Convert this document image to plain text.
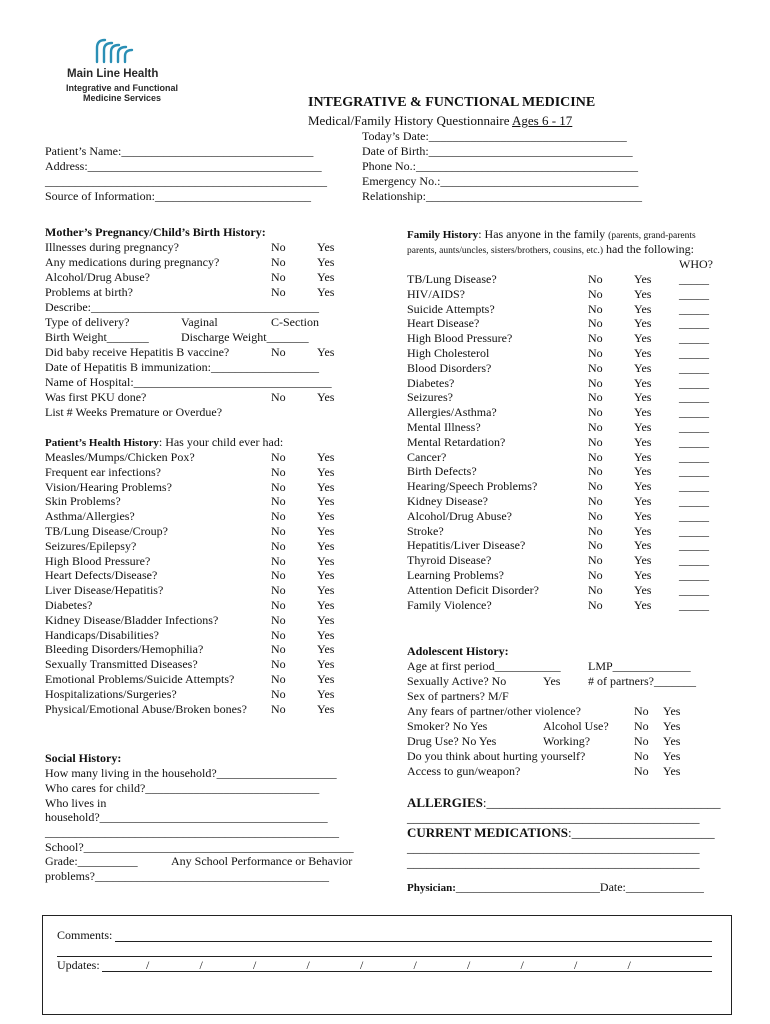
Main Line Health
Integrative and Functional
Medicine Services	INTEGRATIVE & FUNCTIONAL MEDICINE
Medical/Family History Questionnaire Ages 6 - 17
Patient’s Name:________________________________
Address:_______________________________________
_______________________________________________
Source of Information:__________________________
Today’s Date:_________________________________
Date of Birth:__________________________________
Phone No.:_____________________________________
Emergency No.:_________________________________
Relationship:____________________________________
Mother’s Pregnancy/Child’s Birth History:
Illnesses during pregnancy?	No	Yes
Any medications during pregnancy?	No	Yes
Alcohol/Drug Abuse?	No	Yes
Problems at birth?	No	Yes
Describe:______________________________________
Type of delivery?	Vaginal	C-Section
Birth Weight_______	Discharge Weight_______
Did baby receive Hepatitis B vaccine?	No	Yes
Date of Hepatitis B immunization:__________________
Name of Hospital:_________________________________
Was first PKU done?	No	Yes
List # Weeks Premature or Overdue?
Patient’s Health History: Has your child ever had:
Measles/Mumps/Chicken Pox?	No	Yes
Frequent ear infections?	No	Yes
Vision/Hearing Problems?	No	Yes
Skin Problems?	No	Yes
Asthma/Allergies?	No	Yes
TB/Lung Disease/Croup?	No	Yes
Seizures/Epilepsy?	No	Yes
High Blood Pressure?	No	Yes
Heart Defects/Disease?	No	Yes
Liver Disease/Hepatitis?	No	Yes
Diabetes?	No	Yes
Kidney Disease/Bladder Infections?	No	Yes
Handicaps/Disabilities?	No	Yes
Bleeding Disorders/Hemophilia?	No	Yes
Sexually Transmitted Diseases?	No	Yes
Emotional Problems/Suicide Attempts?	No	Yes
Hospitalizations/Surgeries?	No	Yes
Physical/Emotional Abuse/Broken bones? No	Yes
Social History:
How many living in the household?____________________
Who cares for child?_____________________________
Who lives in
household?______________________________________
_________________________________________________
School?_____________________________________________
Grade:__________	Any School Performance or Behavior
problems?_______________________________________
Family History: Has anyone in the family (parents, grand-parents
parents, aunts/uncles, sisters/brothers, cousins, etc.) had the following:
WHO?
TB/Lung Disease?	No	Yes _____
HIV/AIDS?	No	Yes _____
Suicide Attempts?	No	Yes _____
Heart Disease?	No	Yes _____
High Blood Pressure?	No	Yes _____
High Cholesterol	No	Yes _____
Blood Disorders?	No	Yes _____
Diabetes?	No	Yes _____
Seizures?	No	Yes _____
Allergies/Asthma?	No	Yes _____
Mental Illness?	No	Yes _____
Mental Retardation?	No	Yes _____
Cancer?	No	Yes _____
Birth Defects?	No	Yes _____
Hearing/Speech Problems?	No	Yes _____
Kidney Disease?	No	Yes _____
Alcohol/Drug Abuse?	No	Yes _____
Stroke?	No	Yes _____
Hepatitis/Liver Disease?	No	Yes _____
Thyroid Disease?	No	Yes _____
Learning Problems?	No	Yes _____
Attention Deficit Disorder?	No	Yes _____
Family Violence?	No	Yes _____
Adolescent History:
Age at first period___________ LMP_____________
Sexually Active? No	Yes # of partners?_______
Sex of partners? M/F
Any fears of partner/other violence?	No Yes
Smoker? No Yes	Alcohol Use? No Yes
Drug Use? No Yes	Working?	No Yes
Do you think about hurting yourself?	No Yes
Access to gun/weapon?	No Yes
ALLERGIES:____________________________________
_____________________________________________
CURRENT MEDICATIONS:______________________
_____________________________________________
_____________________________________________
Physician:________________________Date:_____________
Comments:
Updates:	/	/	/	/	/	/	/	/	/	/
